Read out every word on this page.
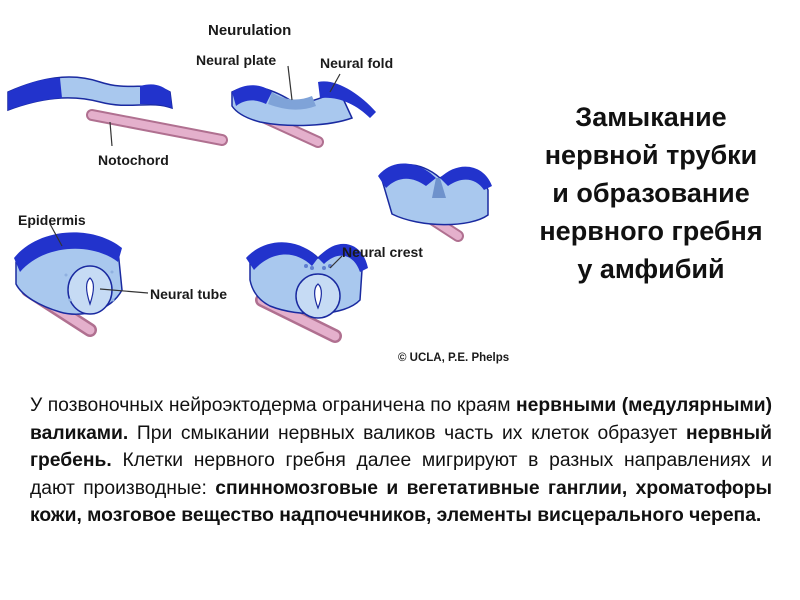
Neurulation
Neural plate	Neural fold
Notochord
Epidermis
Neural crest
Neural tube
© UCLA, P.E. Phelps
Замыкание
нервной трубки
и образование
нервного гребня
у амфибий
У позвоночных нейроэктодерма ограничена по краям нервными (медулярными) валиками. При смыкании нервных валиков часть их клеток образует нервный гребень. Клетки нервного гребня далее мигрируют в разных направлениях и дают производные: спинномозговые и вегетативные ганглии, хроматофоры кожи, мозговое вещество надпочечников, элементы висцерального черепа.
